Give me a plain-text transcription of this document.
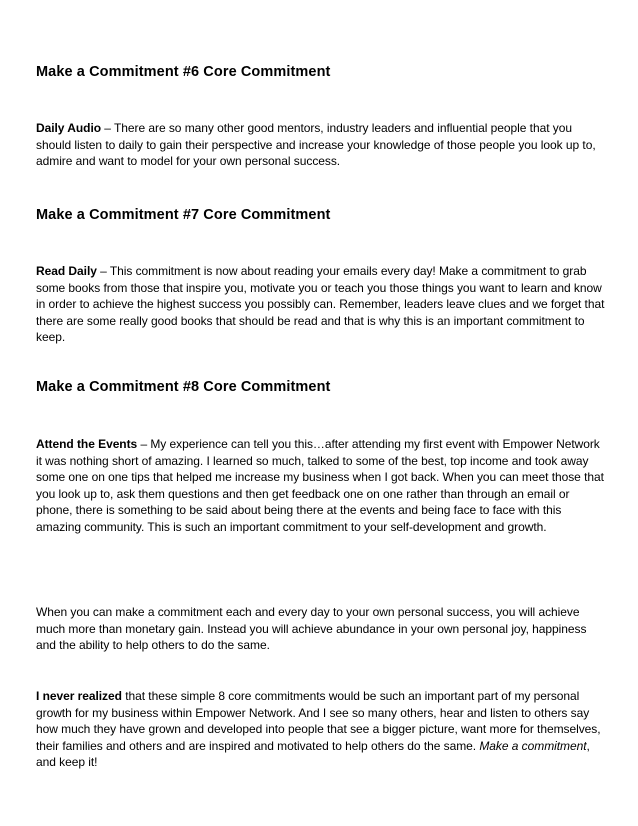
Make a Commitment #6 Core Commitment
Daily Audio – There are so many other good mentors, industry leaders and influential people that you should listen to daily to gain their perspective and increase your knowledge of those people you look up to, admire and want to model for your own personal success.
Make a Commitment #7 Core Commitment
Read Daily – This commitment is now about reading your emails every day! Make a commitment to grab some books from those that inspire you, motivate you or teach you those things you want to learn and know in order to achieve the highest success you possibly can. Remember, leaders leave clues and we forget that there are some really good books that should be read and that is why this is an important commitment to keep.
Make a Commitment #8 Core Commitment
Attend the Events – My experience can tell you this…after attending my first event with Empower Network it was nothing short of amazing. I learned so much, talked to some of the best, top income and took away some one on one tips that helped me increase my business when I got back. When you can meet those that you look up to, ask them questions and then get feedback one on one rather than through an email or phone, there is something to be said about being there at the events and being face to face with this amazing community. This is such an important commitment to your self-development and growth.
When you can make a commitment each and every day to your own personal success, you will achieve much more than monetary gain. Instead you will achieve abundance in your own personal joy, happiness and the ability to help others to do the same.
I never realized that these simple 8 core commitments would be such an important part of my personal growth for my business within Empower Network. And I see so many others, hear and listen to others say how much they have grown and developed into people that see a bigger picture, want more for themselves, their families and others and are inspired and motivated to help others do the same. Make a commitment, and keep it!
